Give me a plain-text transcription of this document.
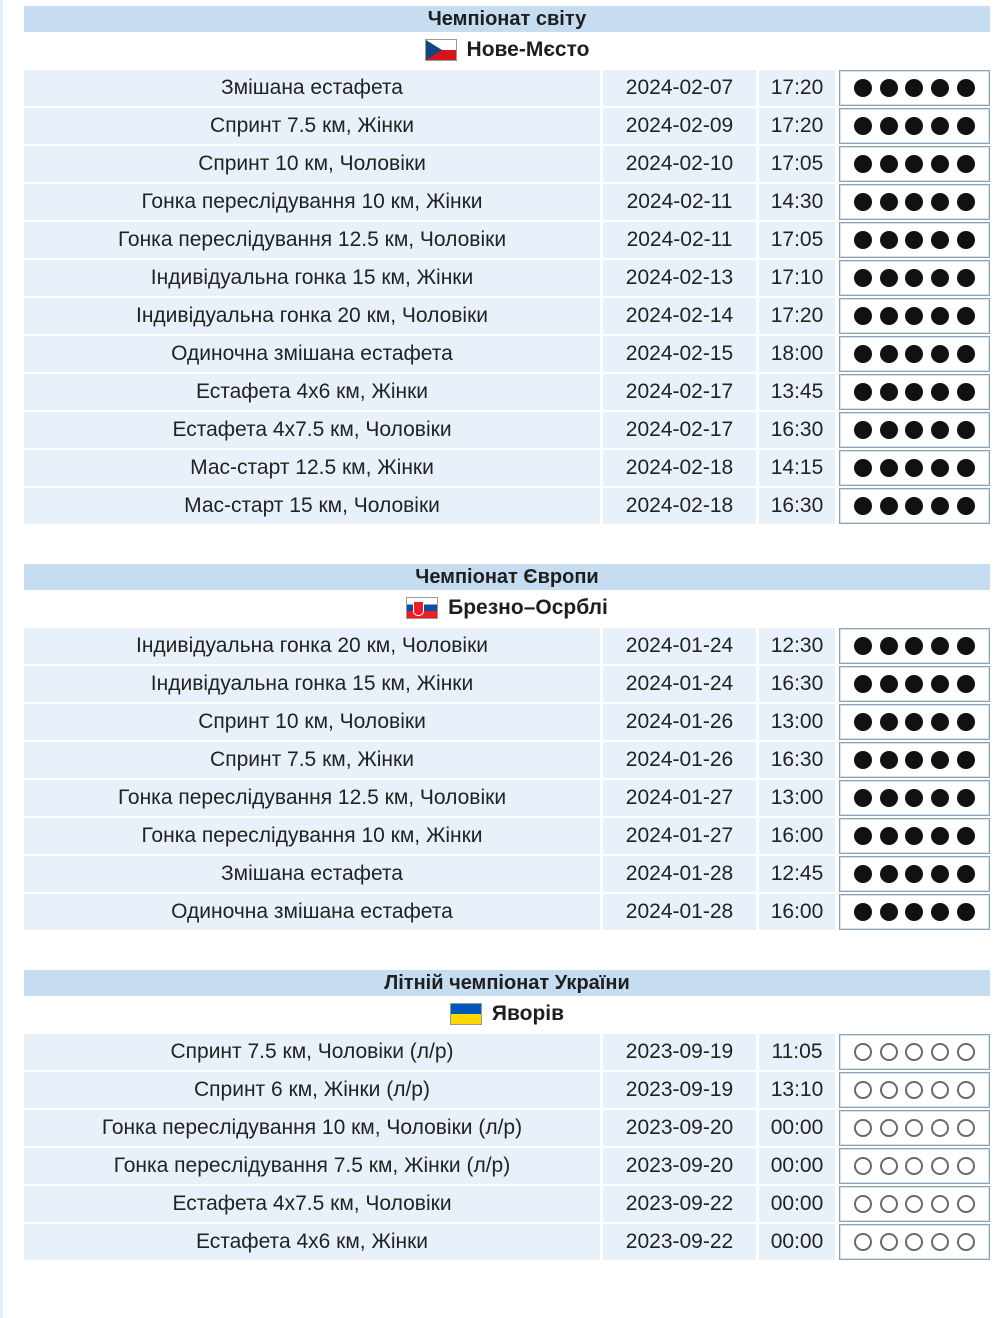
Чемпіонат світу
Нове-Мєсто
Змішана естафета	2024-02-07	17:20
Спринт 7.5 км, Жінки	2024-02-09	17:20
Спринт 10 км, Чоловіки	2024-02-10	17:05
Гонка переслідування 10 км, Жінки	2024-02-11	14:30
Гонка переслідування 12.5 км, Чоловіки	2024-02-11	17:05
Індивідуальна гонка 15 км, Жінки	2024-02-13	17:10
Індивідуальна гонка 20 км, Чоловіки	2024-02-14	17:20
Одиночна змішана естафета	2024-02-15	18:00
Естафета 4х6 км, Жінки	2024-02-17	13:45
Естафета 4х7.5 км, Чоловіки	2024-02-17	16:30
Мас-старт 12.5 км, Жінки	2024-02-18	14:15
Мас-старт 15 км, Чоловіки	2024-02-18	16:30
Чемпіонат Європи
Брезно–Осрблі
Індивідуальна гонка 20 км, Чоловіки	2024-01-24	12:30
Індивідуальна гонка 15 км, Жінки	2024-01-24	16:30
Спринт 10 км, Чоловіки	2024-01-26	13:00
Спринт 7.5 км, Жінки	2024-01-26	16:30
Гонка переслідування 12.5 км, Чоловіки	2024-01-27	13:00
Гонка переслідування 10 км, Жінки	2024-01-27	16:00
Змішана естафета	2024-01-28	12:45
Одиночна змішана естафета	2024-01-28	16:00
Літній чемпіонат України
Яворів
Спринт 7.5 км, Чоловіки (л/р)	2023-09-19	11:05
Спринт 6 км, Жінки (л/р)	2023-09-19	13:10
Гонка переслідування 10 км, Чоловіки (л/р)	2023-09-20	00:00
Гонка переслідування 7.5 км, Жінки (л/р)	2023-09-20	00:00
Естафета 4х7.5 км, Чоловіки	2023-09-22	00:00
Естафета 4х6 км, Жінки	2023-09-22	00:00
